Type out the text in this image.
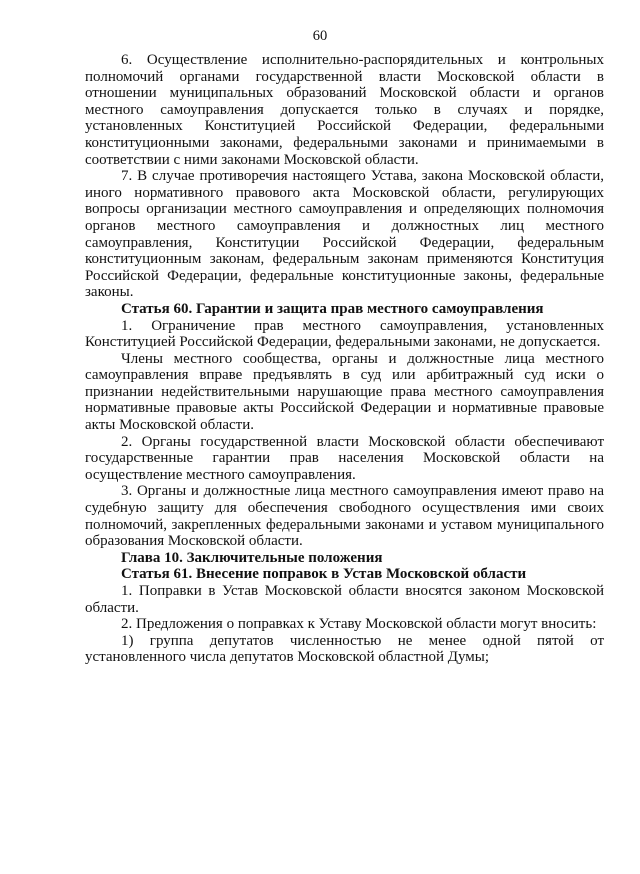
60

6. Осуществление исполнительно-распорядительных и контрольных полномочий органами государственной власти Московской области в отношении муниципальных образований Московской области и органов местного самоуправления допускается только в случаях и порядке, установленных Конституцией Российской Федерации, федеральными конституционными законами, федеральными законами и принимаемыми в соответствии с ними законами Московской области.

7. В случае противоречия настоящего Устава, закона Московской области, иного нормативного правового акта Московской области, регулирующих вопросы организации местного самоуправления и определяющих полномочия органов местного самоуправления и должностных лиц местного самоуправления, Конституции Российской Федерации, федеральным конституционным законам, федеральным законам применяются Конституция Российской Федерации, федеральные конституционные законы, федеральные законы.

Статья 60. Гарантии и защита прав местного самоуправления

1. Ограничение прав местного самоуправления, установленных Конституцией Российской Федерации, федеральными законами, не допускается.

Члены местного сообщества, органы и должностные лица местного самоуправления вправе предъявлять в суд или арбитражный суд иски о признании недействительными нарушающие права местного самоуправления нормативные правовые акты Российской Федерации и нормативные правовые акты Московской области.

2. Органы государственной власти Московской области обеспечивают государственные гарантии прав населения Московской области на осуществление местного самоуправления.

3. Органы и должностные лица местного самоуправления имеют право на судебную защиту для обеспечения свободного осуществления ими своих полномочий, закрепленных федеральными законами и уставом муниципального образования Московской области.

Глава 10. Заключительные положения

Статья 61. Внесение поправок в Устав Московской области

1. Поправки в Устав Московской области вносятся законом Московской области.

2. Предложения о поправках к Уставу Московской области могут вносить:

1) группа депутатов численностью не менее одной пятой от установленного числа депутатов Московской областной Думы;
